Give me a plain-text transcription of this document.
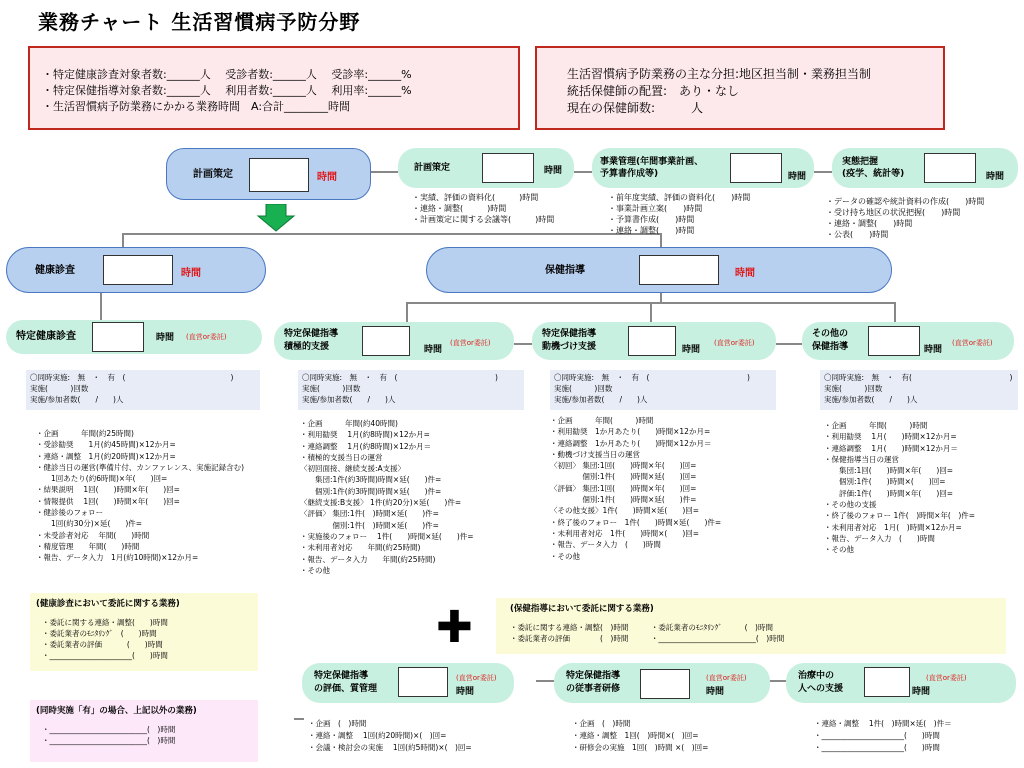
業務チャート 生活習慣病予防分野
・特定健康診査対象者数:______人　 受診者数:______人　 受診率:______%
・特定保健指導対象者数:______人　 利用者数:______人　 利用率:______%
・生活習慣病予防業務にかかる業務時間　A:合計________時間
生活習慣病予防業務の主な分担:地区担当制・業務担当制
統括保健師の配置:　あり・なし
現在の保健師数:　　　人
計画策定	時間
計画策定	時間
・実績、評価の資料化(　　　)時間
・連絡・調整(　　　)時間
・計画策定に関する会議等(　　　)時間
事業管理(年間事業計画、
予算書作成等)	時間
・前年度実績、評価の資料化(　　)時間
・事業計画立案(　　)時間
・予算書作成(　　)時間
・連絡・調整(　　)時間
実態把握
(疫学、統計等)	時間
・データの確認や統計資料の作成(　　)時間
・受け持ち地区の状況把握(　　)時間
・連絡・調整(　　)時間
・公表(　　)時間
健康診査	時間	保健指導	時間
特定健康診査	時間 (直営or委託)	特定保健指導
積極的支援	時間
(直営or委託)
特定保健指導
動機づけ支援	時間
(直営or委託)
その他の
保健指導	時間
(直営or委託)
〇同時実施:　無　・　有　(　　　　　　　　　　　　　　)
実施(　　　)回数
実施/参加者数(　　/　　)人
〇同時実施:　無　・　有　(　　　　　　　　　　　　　)
実施(　　　)回数
実施/参加者数(　　/　　)人
〇同時実施:　無　・　有　(　　　　　　　　　　　　　)
実施(　　　)回数
実施/参加者数(　　/　　)人
〇同時実施:　無　・　有(　　　　　　　　　　　　　)
実施(　　　)回数
実施/参加者数(　　/　　)人
・企画　　　年間(約25時間)
・受診勧奨　　1月(約45時間)×12か月=
・連絡・調整　1月(約20時間)×12か月=
・健診当日の運営(準備片付、カンファレンス、実施記録含む)
　　1回あたり(約6時間)×年(　　)回=
・結果説明　 1回(　　)時間×年(　　)回=
・情報提供　 1回(　　)時間×年(　　)回=
・健診後のフォロー
　　1回(約30分)×延(　　)件=
・未受診者対応　 年間(　　)時間
・精度管理　　年間(　　)時間
・報告、データ入力　1月(約10時間)×12か月=
・企画　　　年間(約40時間)
・利用勧奨　 1月(約8時間)×12か月=
・連絡調整　 1月(約8時間)×12か月＝
・積極的支援当日の運営
〈初回面接、継続支援:A支援〉
　　集団:1件(約3時間)時間×延(　　)件=
　　個別:1件(約3時間)時間×延(　　)件=
〈継続支援:B支援〉 1件(約20分)×延(　　)件=
〈評価〉 集団:1件(　)時間×延(　　)件=
　　　　 個別:1件(　)時間×延(　　)件=
・実施後のフォロー　 1件(　　)時間×延(　　)件=
・未利用者対応　　年間(約25時間)
・報告、データ入力　　年間(約25時間)
・その他
・企画　　　年間(　　　)時間
・利用勧奨　1か月あたり(　　)時間×12か月=
・連絡調整　1か月あたり(　　)時間×12か月＝
・動機づけ支援当日の運営
〈初回〉 集団:1回(　　)時間×年(　　)回=
　　　　 個別:1件(　　)時間×延(　　)回=
〈評価〉 集団:1回(　　)時間×年(　　)回=
　　　　 個別:1件(　　)時間×延(　　)件=
〈その他支援〉1件(　　)時間×延(　　)回=
・終了後のフォロー　1件(　　)時間×延(　　)件=
・未利用者対応　1件(　　)時間×(　　)回=
・報告、データ入力　(　　)時間
・その他
・企画　　　年間(　　　)時間
・利用勧奨　 1月(　　)時間×12か月=
・連絡調整　 1月(　　)時間×12か月＝
・保健指導当日の運営
　　集団:1回(　　)時間×年(　　)回=
　　個別:1件(　　)時間×(　　)回=
　　評価:1件(　　)時間×年(　　)回=
・その他の支援
・終了後のフォロー 1件(　)時間×年(　)件=
・未利用者対応　1月(　)時間×12か月=
・報告、データ入力　(　　)時間
・その他
(健康診査において委託に関する業務)
・委託に関する連絡・調整(　　)時間
・委託業者のﾓﾆﾀﾘﾝｸﾞ　(　　)時間
・委託業者の評価　　　 (　　)時間
・______________________(　　)時間
(同時実施「有」の場合、上記以外の業務)
・__________________________(　)時間
・__________________________(　)時間
✚	(保健指導において委託に関する業務)
・委託に関する連絡・調整(　)時間　　　・委託業者のﾓﾆﾀﾘﾝｸﾞ　　　(　)時間
・委託業者の評価　　　　(　)時間　　　・__________________________(　)時間
特定保健指導
の評価、質管理	時間
(直営or委託)	特定保健指導
の従事者研修	時間
(直営or委託)	治療中の
人への支援	時間
(直営or委託)
・企画　(　)時間
・連絡・調整　 1回(約20時間)×(　)回=
・会議・検討会の実施　 1回(約5時間)×(　)回=
・企画　(　)時間
・連絡・調整　1回(　)時間×(　)回=
・研修会の実施　1回(　)時間 ×(　)回=
・連絡・調整　 1件(　)時間×延(　)件＝
・______________________(　　)時間
・______________________(　　)時間
